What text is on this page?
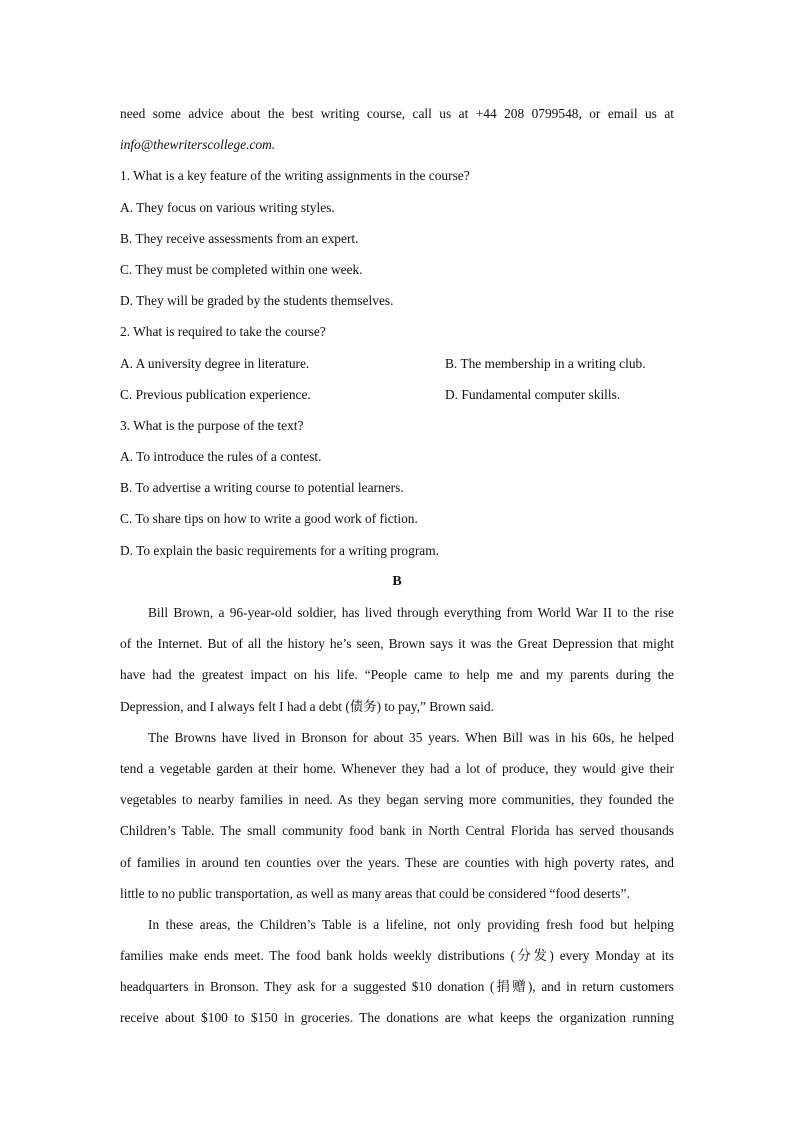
need some advice about the best writing course, call us at +44 208 0799548, or email us at
info@thewriterscollege.com.
1. What is a key feature of the writing assignments in the course?
A. They focus on various writing styles.
B. They receive assessments from an expert.
C. They must be completed within one week.
D. They will be graded by the students themselves.
2. What is required to take the course?
A. A university degree in literature.	B. The membership in a writing club.
C. Previous publication experience.	D. Fundamental computer skills.
3. What is the purpose of the text?
A. To introduce the rules of a contest.
B. To advertise a writing course to potential learners.
C. To share tips on how to write a good work of fiction.
D. To explain the basic requirements for a writing program.
B
Bill Brown, a 96-year-old soldier, has lived through everything from World War II to the rise
of the Internet. But of all the history he’s seen, Brown says it was the Great Depression that might
have had the greatest impact on his life. “People came to help me and my parents during the
Depression, and I always felt I had a debt (债务) to pay,” Brown said.
The Browns have lived in Bronson for about 35 years. When Bill was in his 60s, he helped
tend a vegetable garden at their home. Whenever they had a lot of produce, they would give their
vegetables to nearby families in need. As they began serving more communities, they founded the
Children’s Table. The small community food bank in North Central Florida has served thousands
of families in around ten counties over the years. These are counties with high poverty rates, and
little to no public transportation, as well as many areas that could be considered “food deserts”.
In these areas, the Children’s Table is a lifeline, not only providing fresh food but helping
families make ends meet. The food bank holds weekly distributions (分发) every Monday at its
headquarters in Bronson. They ask for a suggested $10 donation (捐赠), and in return customers
receive about $100 to $150 in groceries. The donations are what keeps the organization running
